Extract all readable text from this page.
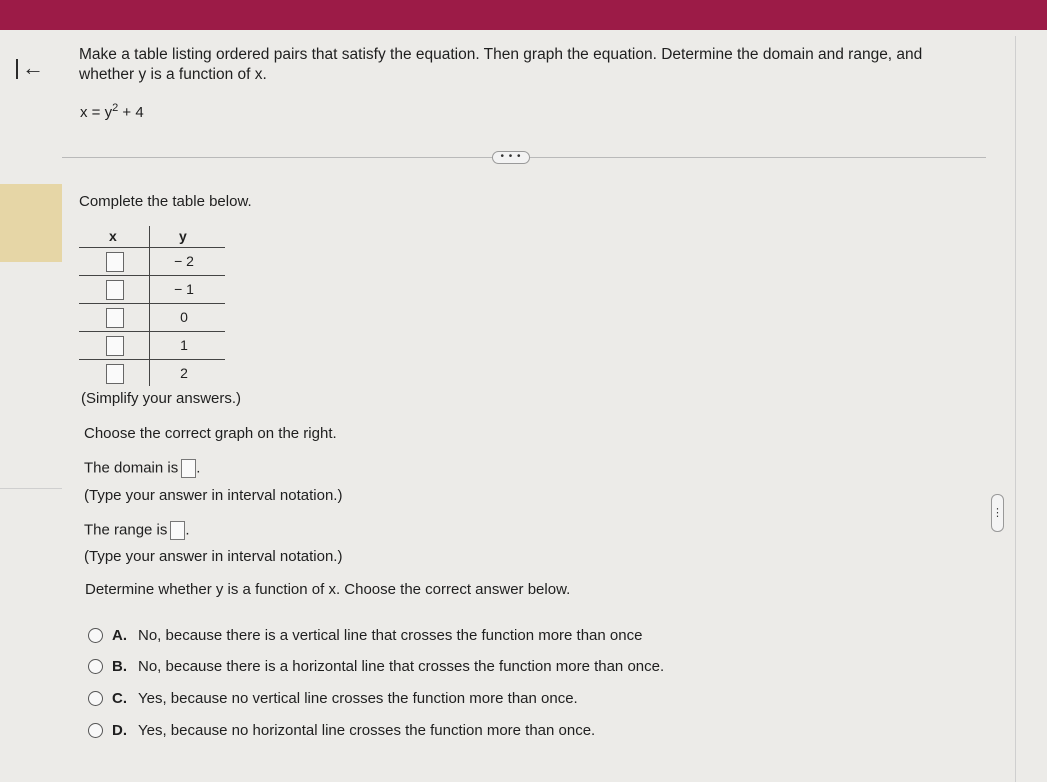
←
Make a table listing ordered pairs that satisfy the equation. Then graph the equation. Determine the domain and range, and whether y is a function of x.
$x = y^2 + 4$
• • •
Complete the table below.
x	y
− 2
− 1
0
1
2
(Simplify your answers.)
Choose the correct graph on the right.
The domain is .
(Type your answer in interval notation.)
The range is .
(Type your answer in interval notation.)
Determine whether y is a function of x. Choose the correct answer below.
A. No, because there is a vertical line that crosses the function more than once
B. No, because there is a horizontal line that crosses the function more than once.
C. Yes, because no vertical line crosses the function more than once.
D. Yes, because no horizontal line crosses the function more than once.
⋮
